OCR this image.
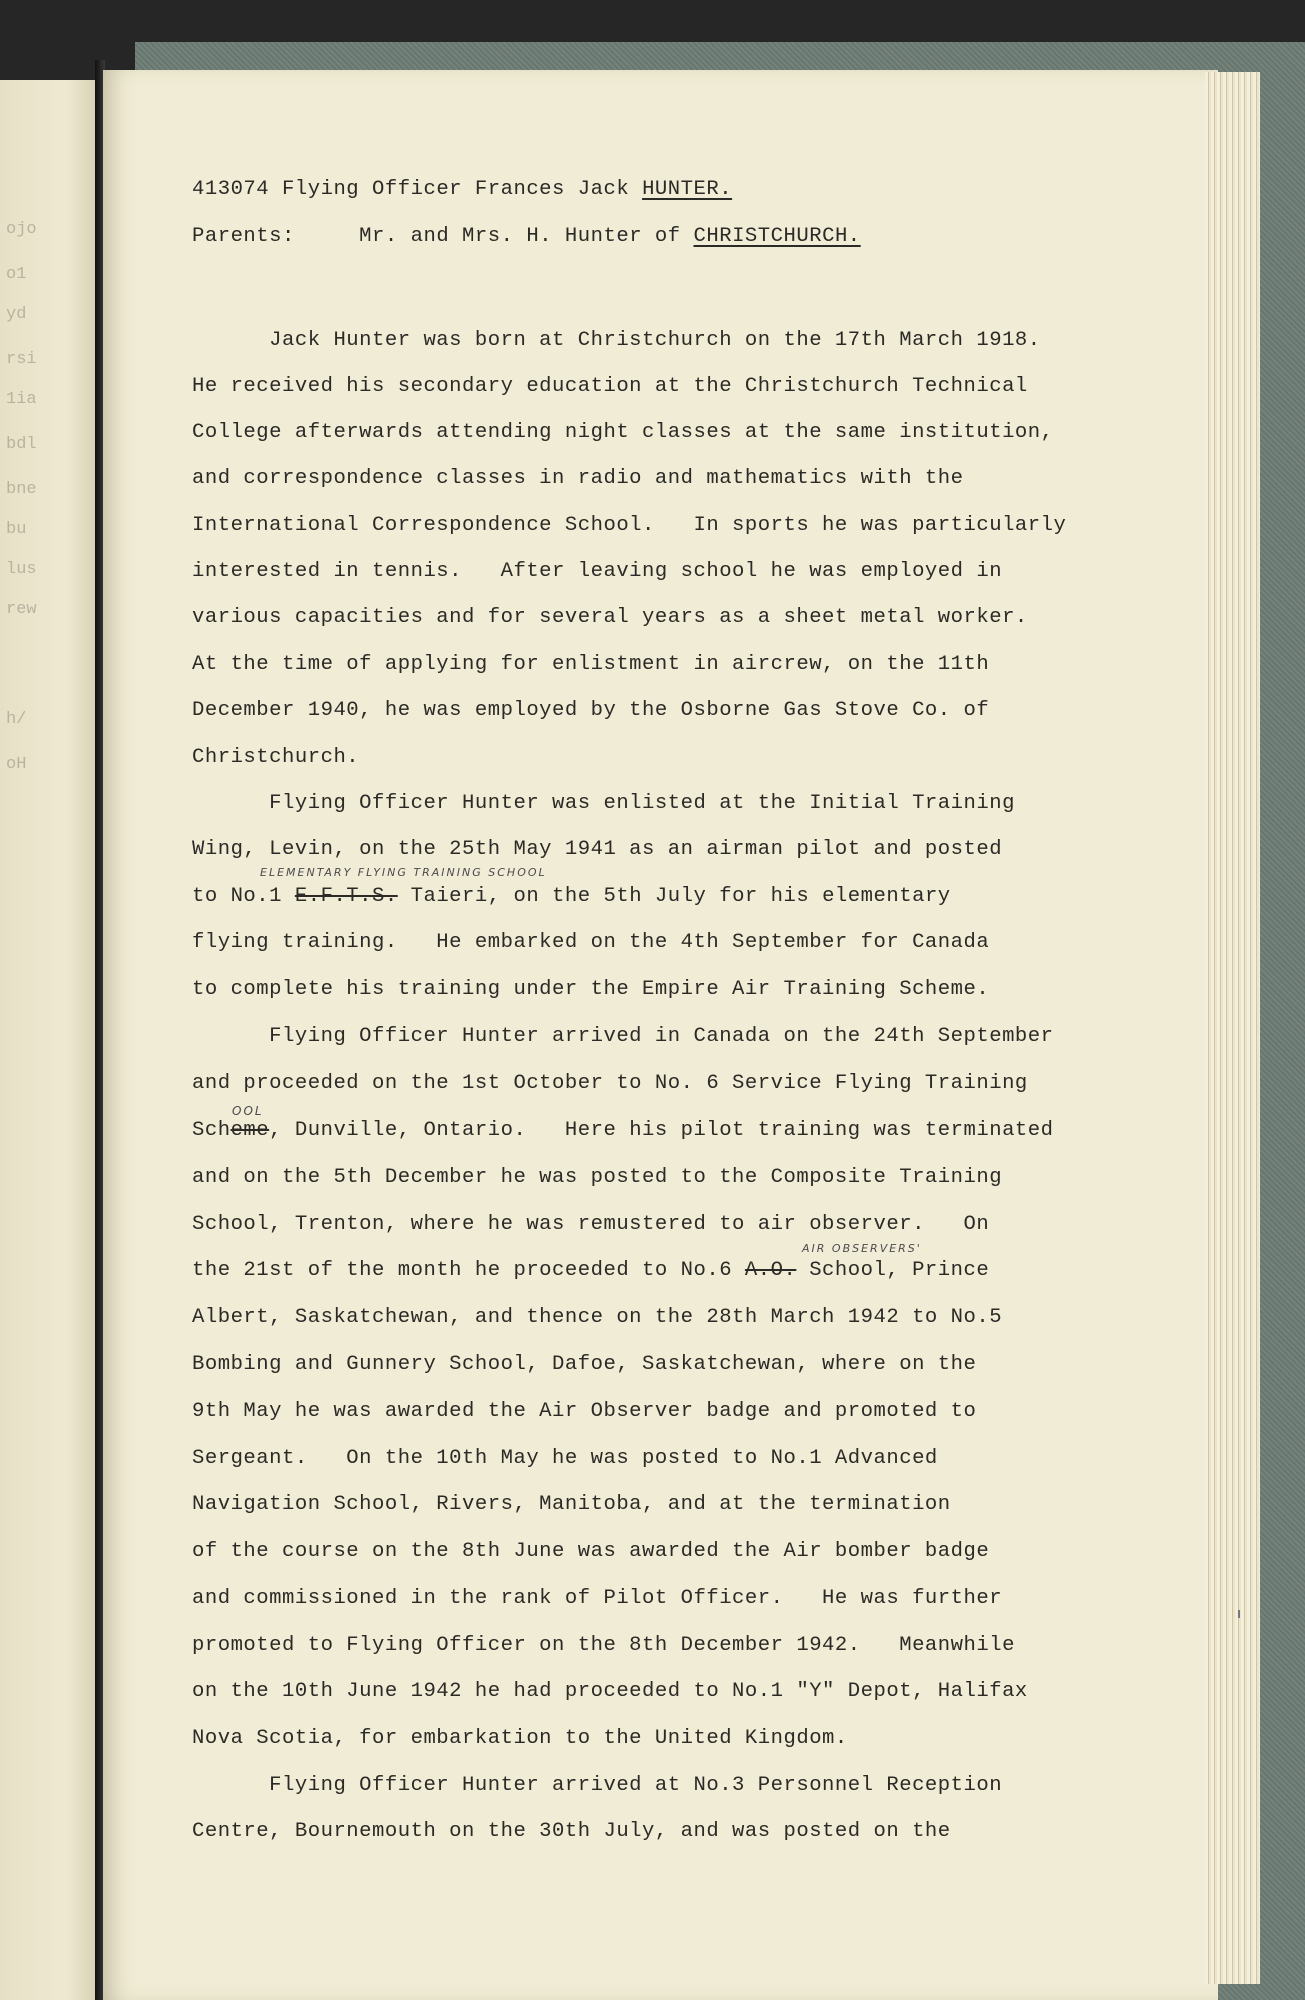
ojo
o1
yd
rsi
1ia
bdl
bne
bu
lus
rew
h/
oH
413074 Flying Officer Frances Jack HUNTER.
Parents:	Mr. and Mrs. H. Hunter of CHRISTCHURCH.
Jack Hunter was born at Christchurch on the 17th March 1918.
He received his secondary education at the Christchurch Technical
College afterwards attending night classes at the same institution,
and correspondence classes in radio and mathematics with the
International Correspondence School.   In sports he was particularly
interested in tennis.   After leaving school he was employed in
various capacities and for several years as a sheet metal worker.
At the time of applying for enlistment in aircrew, on the 11th
December 1940, he was employed by the Osborne Gas Stove Co. of
Christchurch.
Flying Officer Hunter was enlisted at the Initial Training
Wing, Levin, on the 25th May 1941 as an airman pilot and posted
ELEMENTARY FLYING TRAINING SCHOOL
to No.1 E.F.T.S. Taieri, on the 5th July for his elementary
flying training.   He embarked on the 4th September for Canada
to complete his training under the Empire Air Training Scheme.
Flying Officer Hunter arrived in Canada on the 24th September
and proceeded on the 1st October to No. 6 Service Flying Training
OOL
Scheme, Dunville, Ontario.   Here his pilot training was terminated
and on the 5th December he was posted to the Composite Training
School, Trenton, where he was remustered to air observer.   On
AIR OBSERVERS'
the 21st of the month he proceeded to No.6 A.O. School, Prince
Albert, Saskatchewan, and thence on the 28th March 1942 to No.5
Bombing and Gunnery School, Dafoe, Saskatchewan, where on the
9th May he was awarded the Air Observer badge and promoted to
Sergeant.   On the 10th May he was posted to No.1 Advanced
Navigation School, Rivers, Manitoba, and at the termination
of the course on the 8th June was awarded the Air bomber badge
and commissioned in the rank of Pilot Officer.   He was further
promoted to Flying Officer on the 8th December 1942.   Meanwhile
on the 10th June 1942 he had proceeded to No.1 "Y" Depot, Halifax
Nova Scotia, for embarkation to the United Kingdom.
Flying Officer Hunter arrived at No.3 Personnel Reception
Centre, Bournemouth on the 30th July, and was posted on the
